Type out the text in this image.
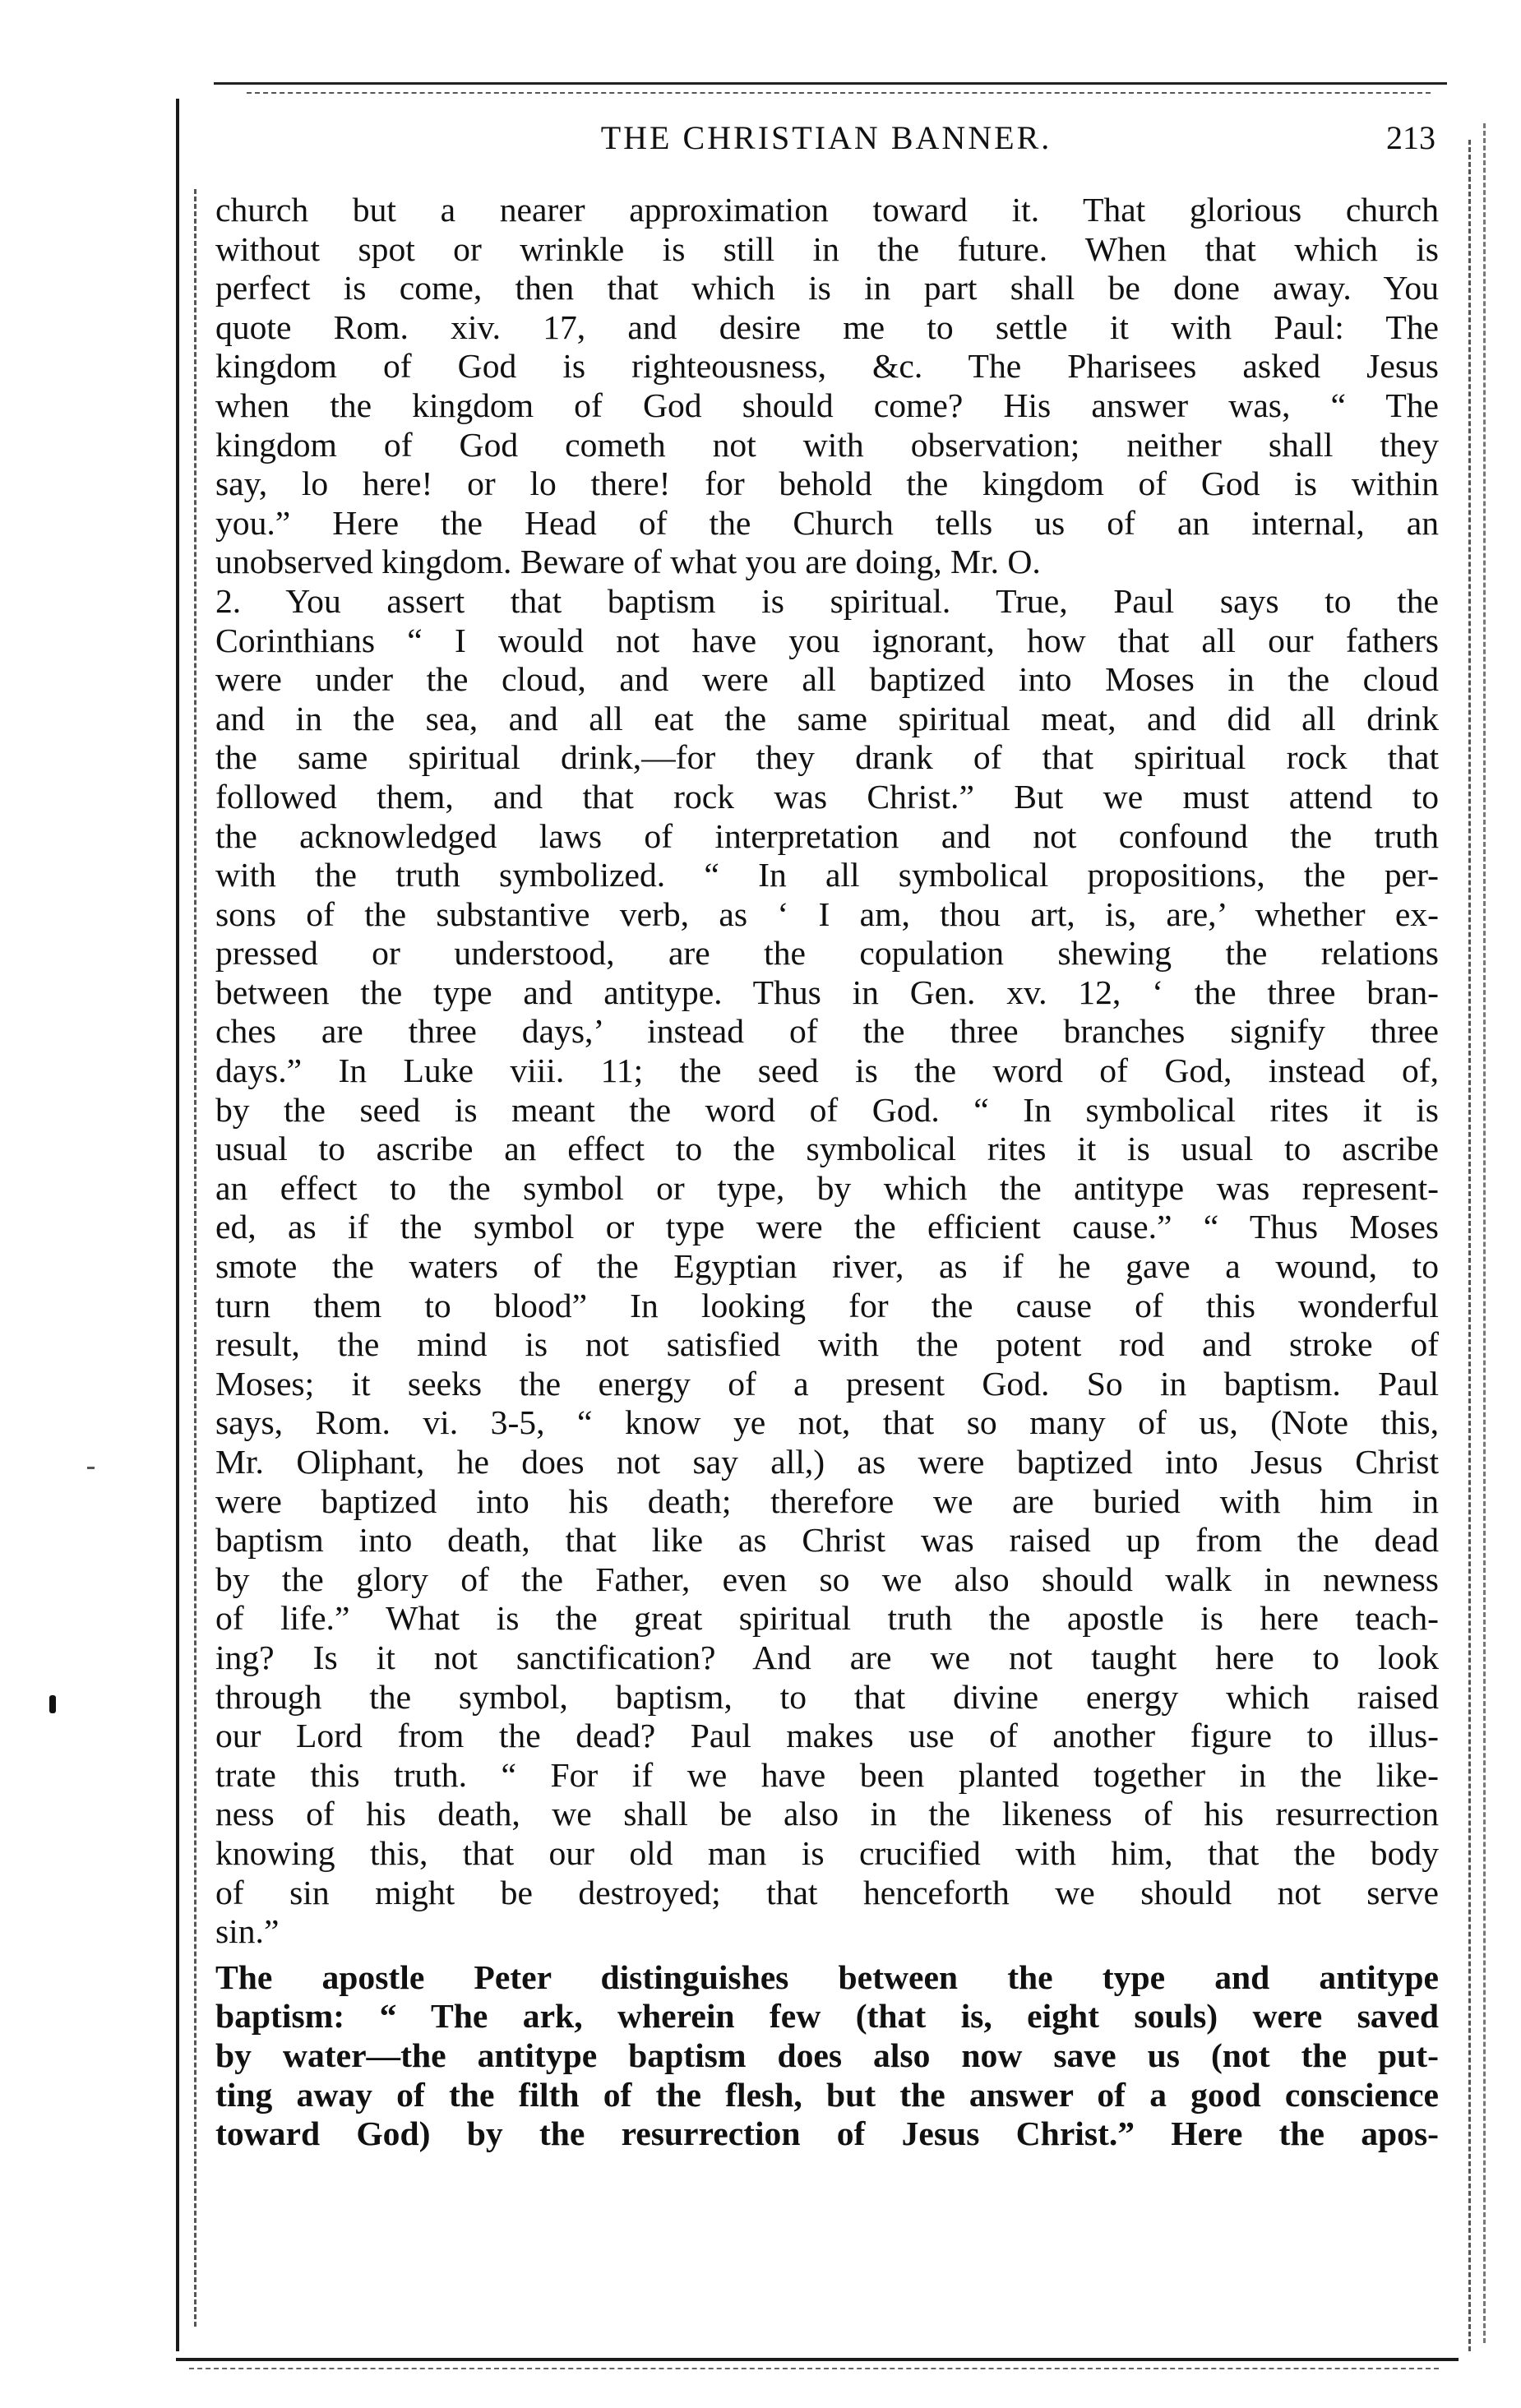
THE CHRISTIAN BANNER.	213
church but a nearer approximation toward it. That glorious church
without spot or wrinkle is still in the future. When that which is
perfect is come, then that which is in part shall be done away. You
quote Rom. xiv. 17, and desire me to settle it with Paul: The
kingdom of God is righteousness, &c. The Pharisees asked Jesus
when the kingdom of God should come? His answer was, “ The
kingdom of God cometh not with observation; neither shall they
say, lo here! or lo there! for behold the kingdom of God is within
you.” Here the Head of the Church tells us of an internal, an
unobserved kingdom. Beware of what you are doing, Mr. O.
2. You assert that baptism is spiritual. True, Paul says to the
Corinthians “ I would not have you ignorant, how that all our fathers
were under the cloud, and were all baptized into Moses in the cloud
and in the sea, and all eat the same spiritual meat, and did all drink
the same spiritual drink,—for they drank of that spiritual rock that
followed them, and that rock was Christ.” But we must attend to
the acknowledged laws of interpretation and not confound the truth
with the truth symbolized. “ In all symbolical propositions, the per-
sons of the substantive verb, as ‘ I am, thou art, is, are,’ whether ex-
pressed or understood, are the copulation shewing the relations
between the type and antitype. Thus in Gen. xv. 12, ‘ the three bran-
ches are three days,’ instead of the three branches signify three
days.” In Luke viii. 11; the seed is the word of God, instead of,
by the seed is meant the word of God. “ In symbolical rites it is
usual to ascribe an effect to the symbolical rites it is usual to ascribe
an effect to the symbol or type, by which the antitype was represent-
ed, as if the symbol or type were the efficient cause.” “ Thus Moses
smote the waters of the Egyptian river, as if he gave a wound, to
turn them to blood” In looking for the cause of this wonderful
result, the mind is not satisfied with the potent rod and stroke of
Moses; it seeks the energy of a present God. So in baptism. Paul
says, Rom. vi. 3-5, “ know ye not, that so many of us, (Note this,
Mr. Oliphant, he does not say all,) as were baptized into Jesus Christ
were baptized into his death; therefore we are buried with him in
baptism into death, that like as Christ was raised up from the dead
by the glory of the Father, even so we also should walk in newness
of life.” What is the great spiritual truth the apostle is here teach-
ing? Is it not sanctification? And are we not taught here to look
through the symbol, baptism, to that divine energy which raised
our Lord from the dead? Paul makes use of another figure to illus-
trate this truth. “ For if we have been planted together in the like-
ness of his death, we shall be also in the likeness of his resurrection
knowing this, that our old man is crucified with him, that the body
of sin might be destroyed; that henceforth we should not serve
sin.”
The apostle Peter distinguishes between the type and antitype
baptism: “ The ark, wherein few (that is, eight souls) were saved
by water—the antitype baptism does also now save us (not the put-
ting away of the filth of the flesh, but the answer of a good conscience
toward God) by the resurrection of Jesus Christ.” Here the apos-
